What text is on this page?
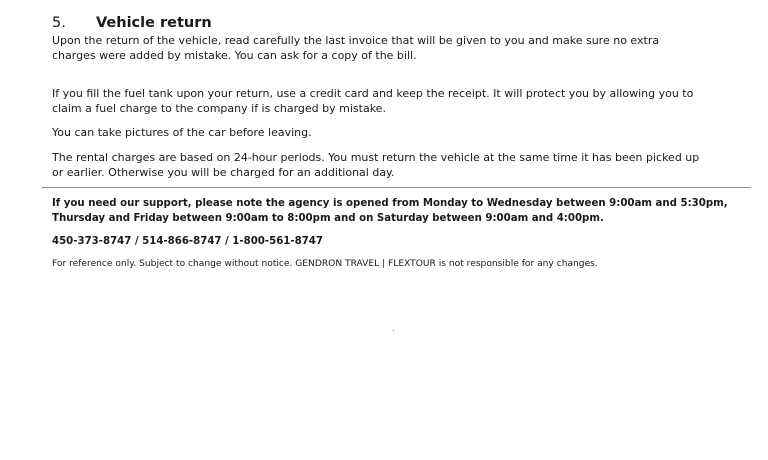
5. Vehicle return

Upon the return of the vehicle, read carefully the last invoice that will be given to you and make sure no extra charges were added by mistake. You can ask for a copy of the bill.

If you fill the fuel tank upon your return, use a credit card and keep the receipt. It will protect you by allowing you to claim a fuel charge to the company if is charged by mistake.

You can take pictures of the car before leaving.

The rental charges are based on 24-hour periods. You must return the vehicle at the same time it has been picked up or earlier. Otherwise you will be charged for an additional day.

If you need our support, please note the agency is opened from Monday to Wednesday between 9:00am and 5:30pm, Thursday and Friday between 9:00am to 8:00pm and on Saturday between 9:00am and 4:00pm.

450-373-8747 / 514-866-8747 / 1-800-561-8747

For reference only. Subject to change without notice. GENDRON TRAVEL | FLEXTOUR is not responsible for any changes.
